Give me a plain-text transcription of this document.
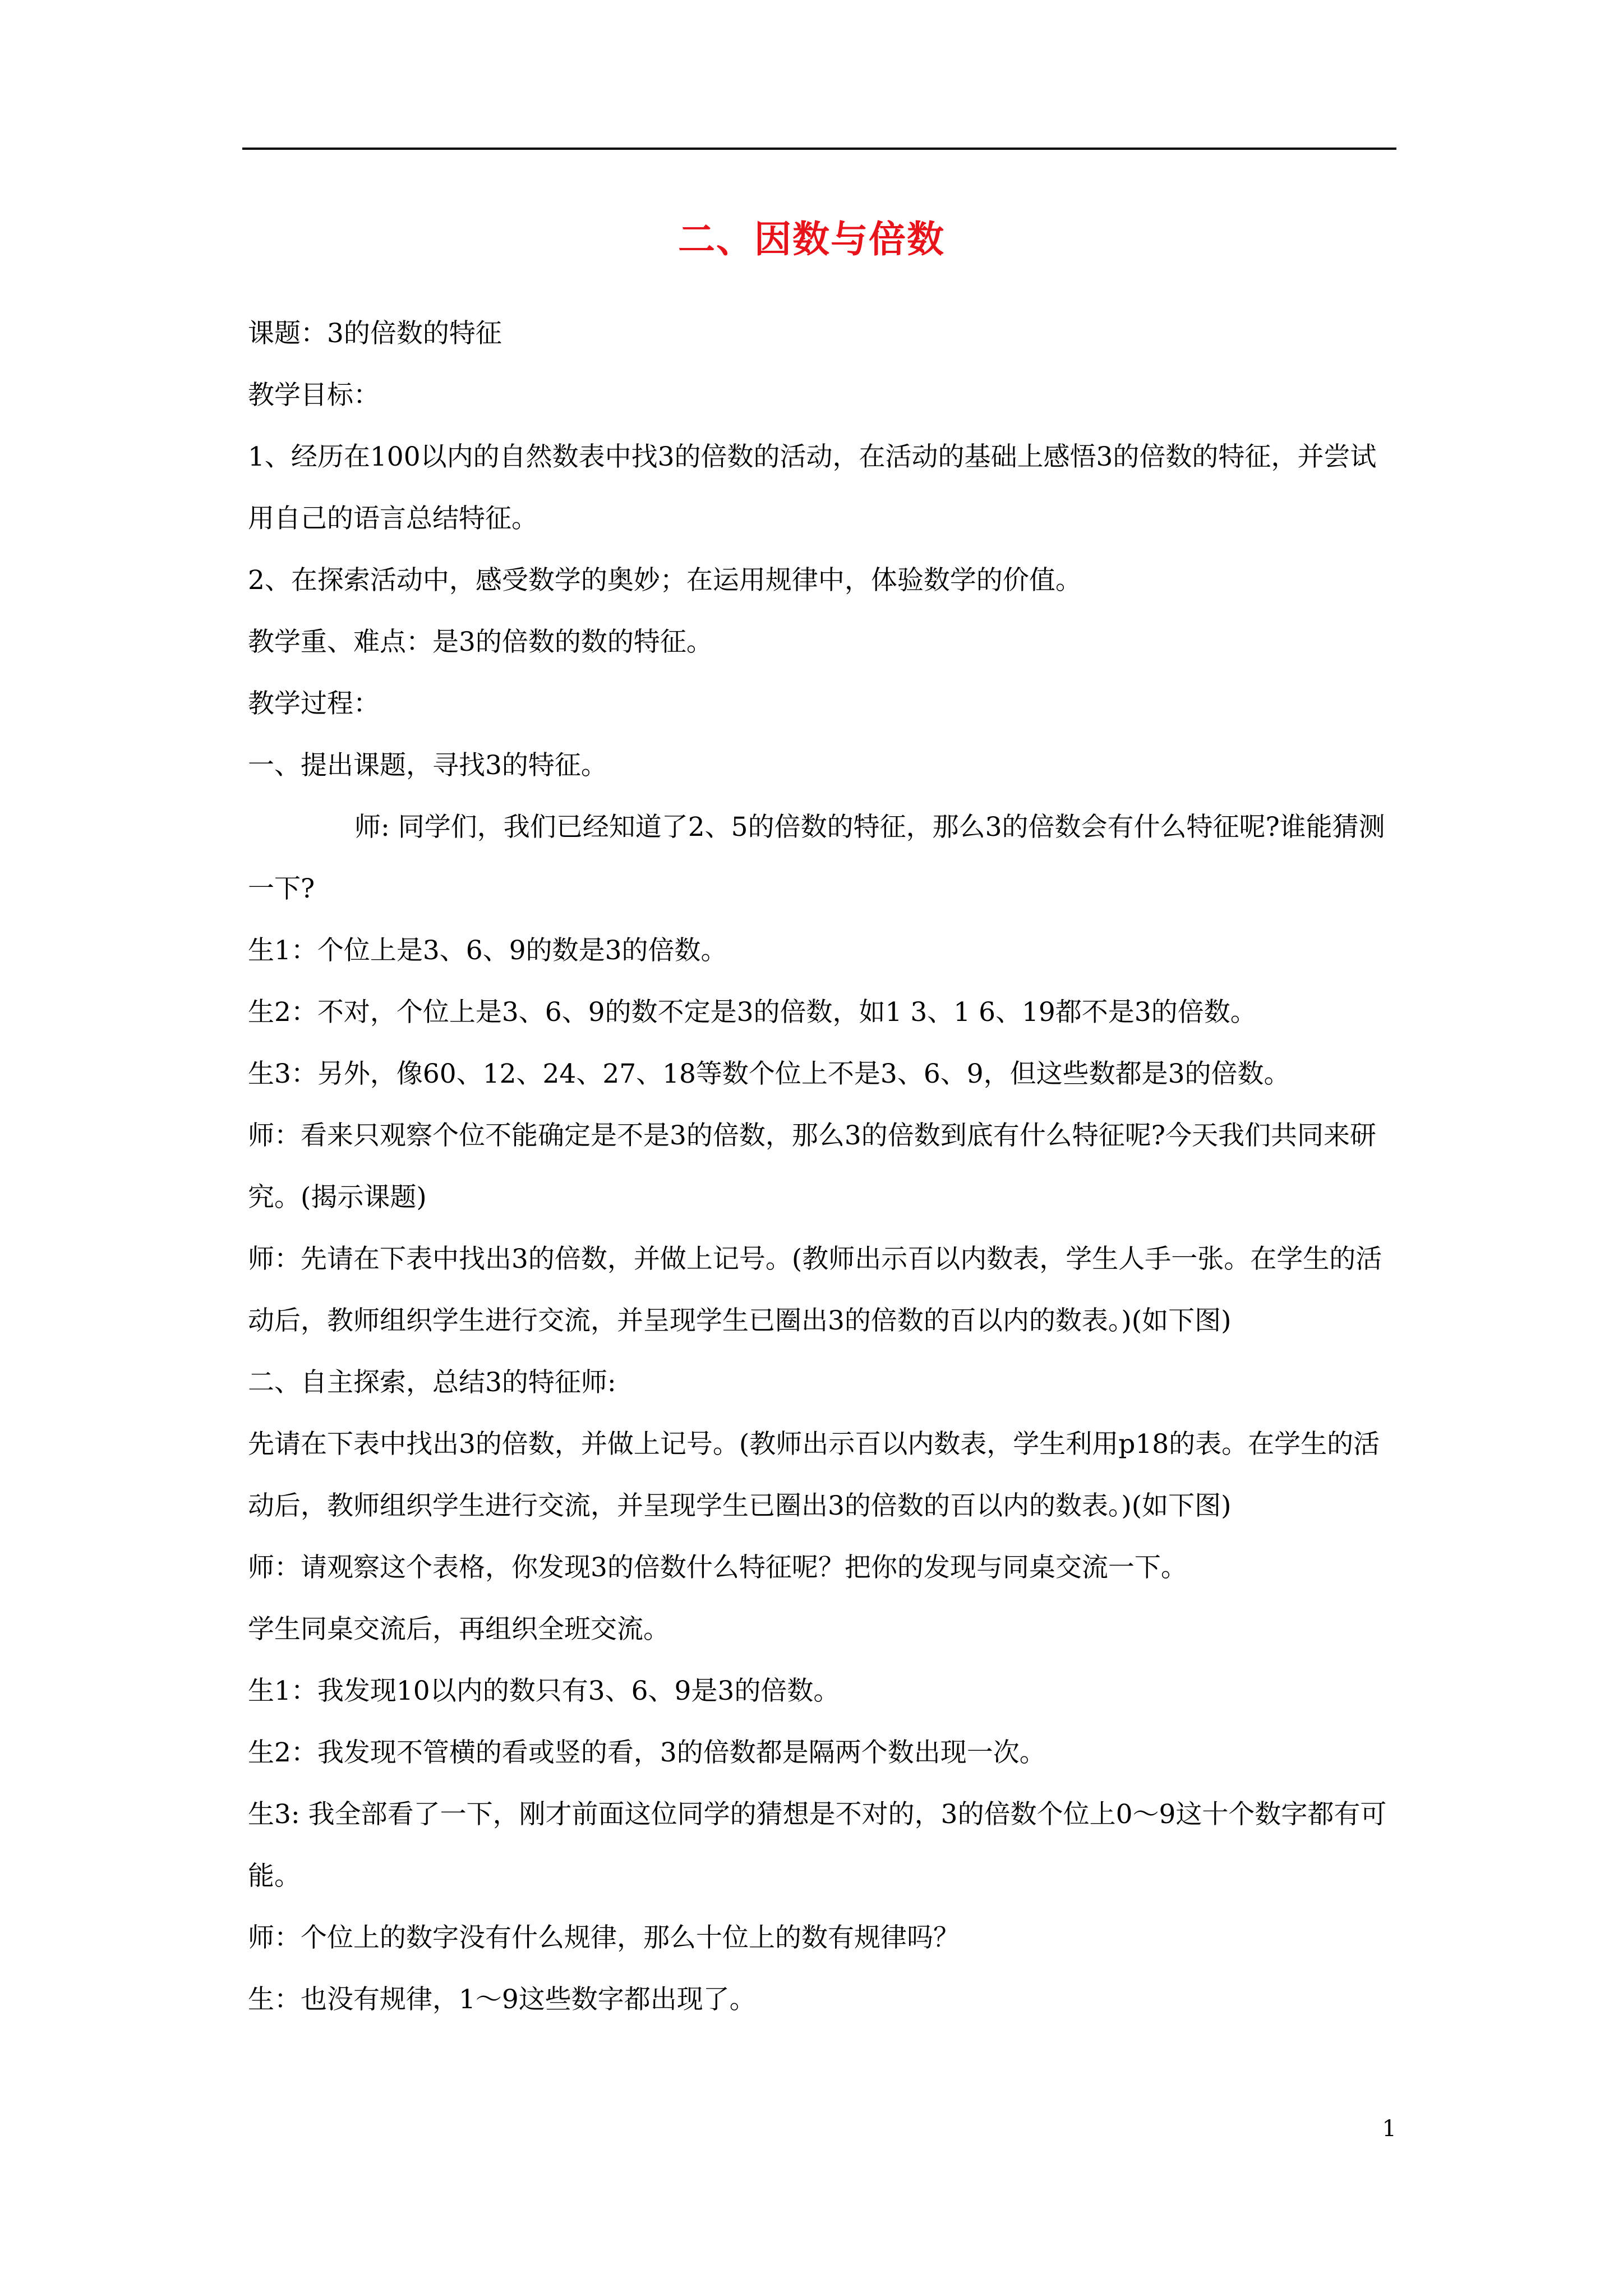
二、因数与倍数

课题：3的倍数的特征

教学目标：

1、经历在100以内的自然数表中找3的倍数的活动，在活动的基础上感悟3的倍数的特征，并尝试用自己的语言总结特征。

2、在探索活动中，感受数学的奥妙；在运用规律中，体验数学的价值。

教学重、难点：是3的倍数的数的特征。

教学过程：

一、提出课题，寻找3的特征。

师: 同学们，我们已经知道了2、5的倍数的特征，那么3的倍数会有什么特征呢?谁能猜测一下?

生1：个位上是3、6、9的数是3的倍数。

生2：不对，个位上是3、6、9的数不定是3的倍数，如1 3、1 6、19都不是3的倍数。

生3：另外，像60、12、24、27、18等数个位上不是3、6、9，但这些数都是3的倍数。

师：看来只观察个位不能确定是不是3的倍数，那么3的倍数到底有什么特征呢?今天我们共同来研究。(揭示课题)

师：先请在下表中找出3的倍数，并做上记号。(教师出示百以内数表，学生人手一张。在学生的活动后，教师组织学生进行交流，并呈现学生已圈出3的倍数的百以内的数表。)(如下图)

二、自主探索，总结3的特征师:

先请在下表中找出3的倍数，并做上记号。(教师出示百以内数表，学生利用p18的表。在学生的活动后，教师组织学生进行交流，并呈现学生已圈出3的倍数的百以内的数表。)(如下图)

师：请观察这个表格，你发现3的倍数什么特征呢？把你的发现与同桌交流一下。

学生同桌交流后，再组织全班交流。

生1：我发现10以内的数只有3、6、9是3的倍数。

生2：我发现不管横的看或竖的看，3的倍数都是隔两个数出现一次。

生3: 我全部看了一下，刚才前面这位同学的猜想是不对的，3的倍数个位上0～9这十个数字都有可能。

师：个位上的数字没有什么规律，那么十位上的数有规律吗？

生：也没有规律，1～9这些数字都出现了。

1
